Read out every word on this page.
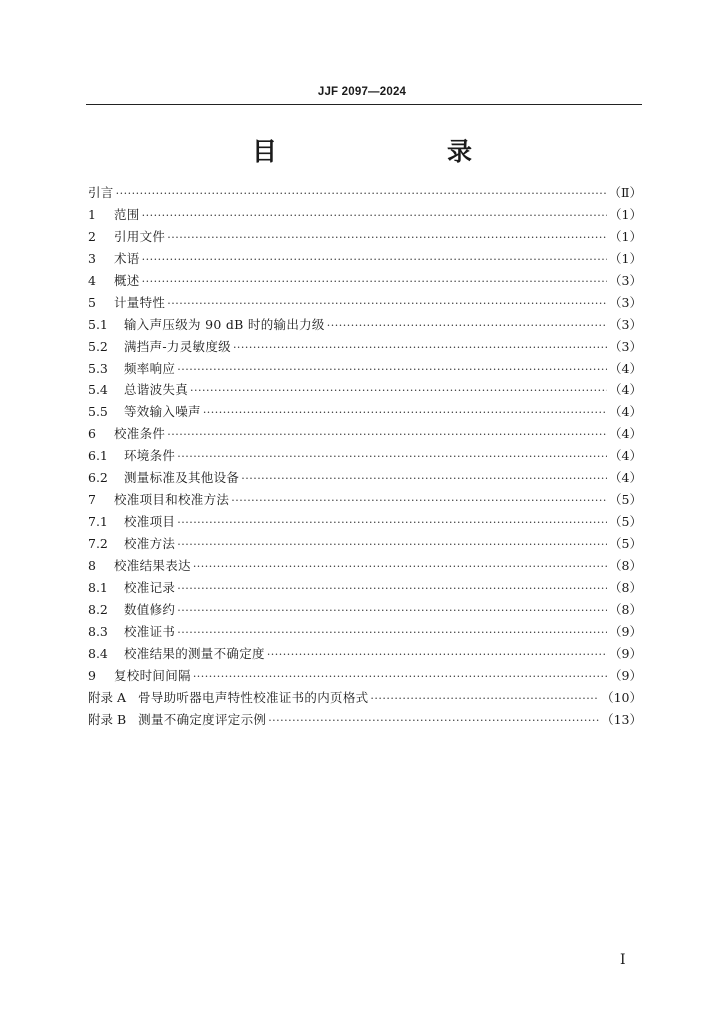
JJF 2097—2024
目　　录
引言 ·····	（Ⅱ）
1	范围 ·····	（1）
2	引用文件 ·····	（1）
3	术语 ·····	（1）
4	概述 ·····	（3）
5	计量特性 ·····	（3）
5.1	输入声压级为 90 dB 时的输出力级 ·····	（3）
5.2	满挡声-力灵敏度级 ·····	（3）
5.3	频率响应 ·····	（4）
5.4	总谐波失真 ·····	（4）
5.5	等效输入噪声 ·····	（4）
6	校准条件 ·····	（4）
6.1	环境条件 ·····	（4）
6.2	测量标准及其他设备 ·····	（4）
7	校准项目和校准方法 ·····	（5）
7.1	校准项目 ·····	（5）
7.2	校准方法 ·····	（5）
8	校准结果表达 ·····	（8）
8.1	校准记录 ·····	（8）
8.2	数值修约 ·····	（8）
8.3	校准证书 ·····	（9）
8.4	校准结果的测量不确定度 ·····	（9）
9	复校时间间隔 ·····	（9）
附录 A 骨导助听器电声特性校准证书的内页格式 ·····	（10）
附录 B 测量不确定度评定示例 ·····	（13）
Ⅰ
